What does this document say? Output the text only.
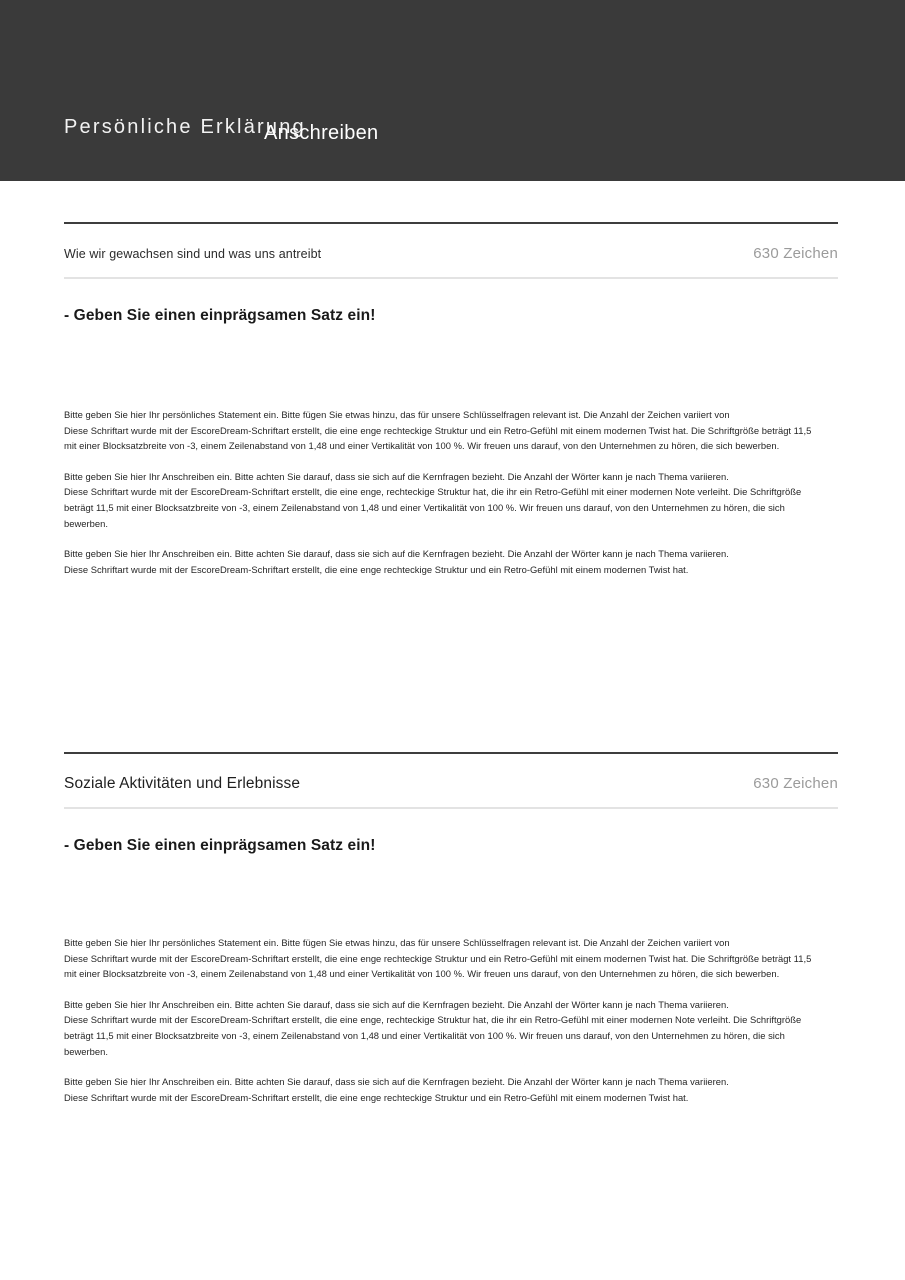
Persönliche Erklärung
Anschreiben
Wie wir gewachsen sind und was uns antreibt	630 Zeichen
- Geben Sie einen einprägsamen Satz ein!

Bitte geben Sie hier Ihr persönliches Statement ein. Bitte fügen Sie etwas hinzu, das für unsere Schlüsselfragen relevant ist. Die Anzahl der Zeichen variiert von
Diese Schriftart wurde mit der EscoreDream-Schriftart erstellt, die eine enge rechteckige Struktur und ein Retro-Gefühl mit einem modernen Twist hat. Die Schriftgröße beträgt 11,5
mit einer Blocksatzbreite von -3, einem Zeilenabstand von 1,48 und einer Vertikalität von 100 %. Wir freuen uns darauf, von den Unternehmen zu hören, die sich bewerben.

Bitte geben Sie hier Ihr Anschreiben ein. Bitte achten Sie darauf, dass sie sich auf die Kernfragen bezieht. Die Anzahl der Wörter kann je nach Thema variieren.
Diese Schriftart wurde mit der EscoreDream-Schriftart erstellt, die eine enge, rechteckige Struktur hat, die ihr ein Retro-Gefühl mit einer modernen Note verleiht. Die Schriftgröße
beträgt 11,5 mit einer Blocksatzbreite von -3, einem Zeilenabstand von 1,48 und einer Vertikalität von 100 %. Wir freuen uns darauf, von den Unternehmen zu hören, die sich
bewerben.

Bitte geben Sie hier Ihr Anschreiben ein. Bitte achten Sie darauf, dass sie sich auf die Kernfragen bezieht. Die Anzahl der Wörter kann je nach Thema variieren.
Diese Schriftart wurde mit der EscoreDream-Schriftart erstellt, die eine enge rechteckige Struktur und ein Retro-Gefühl mit einem modernen Twist hat.

Soziale Aktivitäten und Erlebnisse	630 Zeichen
- Geben Sie einen einprägsamen Satz ein!

Bitte geben Sie hier Ihr persönliches Statement ein. Bitte fügen Sie etwas hinzu, das für unsere Schlüsselfragen relevant ist. Die Anzahl der Zeichen variiert von
Diese Schriftart wurde mit der EscoreDream-Schriftart erstellt, die eine enge rechteckige Struktur und ein Retro-Gefühl mit einem modernen Twist hat. Die Schriftgröße beträgt 11,5
mit einer Blocksatzbreite von -3, einem Zeilenabstand von 1,48 und einer Vertikalität von 100 %. Wir freuen uns darauf, von den Unternehmen zu hören, die sich bewerben.

Bitte geben Sie hier Ihr Anschreiben ein. Bitte achten Sie darauf, dass sie sich auf die Kernfragen bezieht. Die Anzahl der Wörter kann je nach Thema variieren.
Diese Schriftart wurde mit der EscoreDream-Schriftart erstellt, die eine enge, rechteckige Struktur hat, die ihr ein Retro-Gefühl mit einer modernen Note verleiht. Die Schriftgröße
beträgt 11,5 mit einer Blocksatzbreite von -3, einem Zeilenabstand von 1,48 und einer Vertikalität von 100 %. Wir freuen uns darauf, von den Unternehmen zu hören, die sich
bewerben.

Bitte geben Sie hier Ihr Anschreiben ein. Bitte achten Sie darauf, dass sie sich auf die Kernfragen bezieht. Die Anzahl der Wörter kann je nach Thema variieren.
Diese Schriftart wurde mit der EscoreDream-Schriftart erstellt, die eine enge rechteckige Struktur und ein Retro-Gefühl mit einem modernen Twist hat.
